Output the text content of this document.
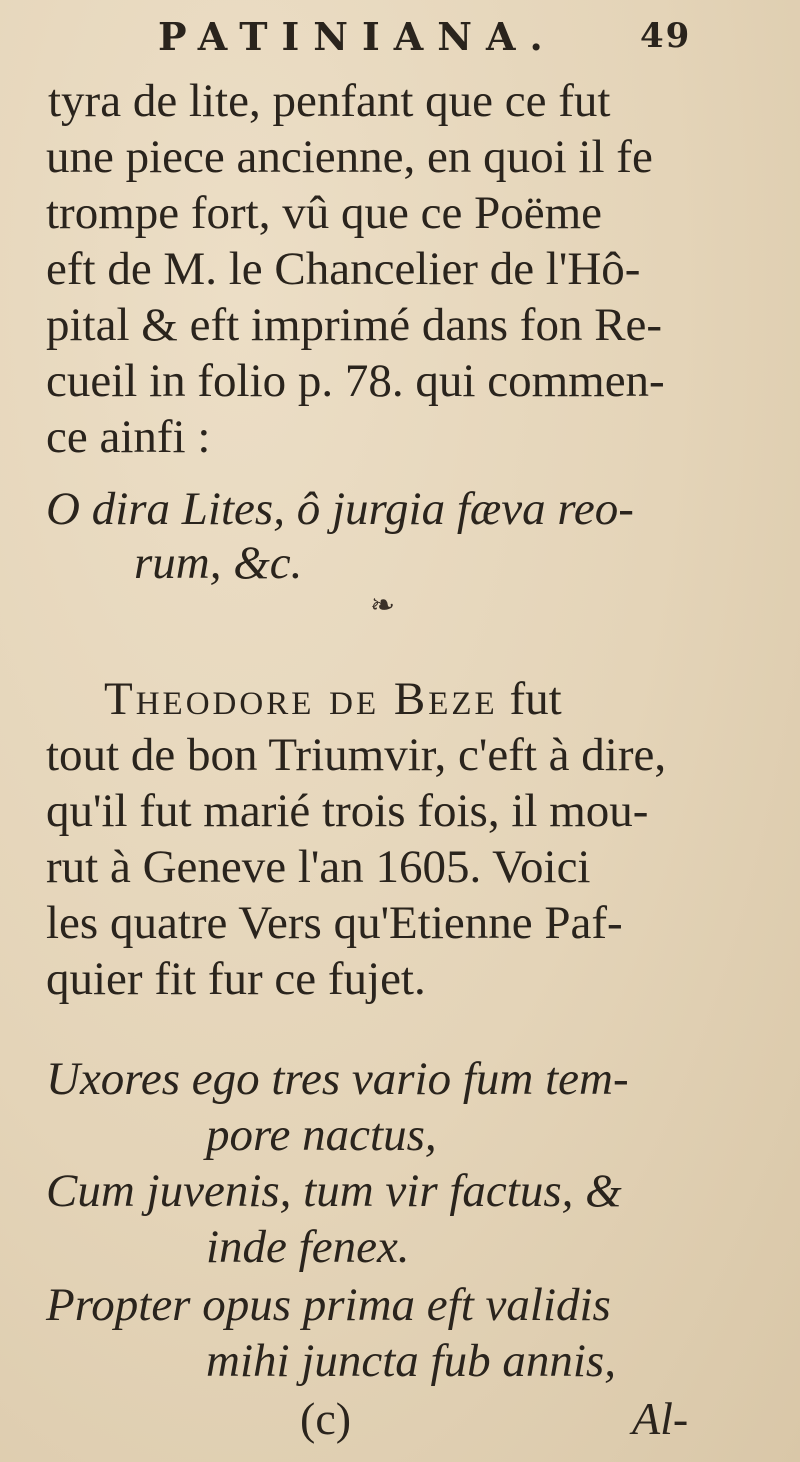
PATINIANA. 49
tyra de lite, penfant que ce fut
une piece ancienne, en quoi il fe
trompe fort, vû que ce Poëme
eft de M. le Chancelier de l'Hô-
pital & eft imprimé dans fon Re-
cueil in folio p. 78. qui commen-
ce ainfi :
O dira Lites, ô jurgia fæva reo-
rum, &c.
❧
Theodore de Beze fut
tout de bon Triumvir, c'eft à dire,
qu'il fut marié trois fois, il mou-
rut à Geneve l'an 1605. Voici
les quatre Vers qu'Etienne Paf-
quier fit fur ce fujet.
Uxores ego tres vario fum tem-
pore nactus,
Cum juvenis, tum vir factus, &
inde fenex.
Propter opus prima eft validis
mihi juncta fub annis,
(c)	Al-
